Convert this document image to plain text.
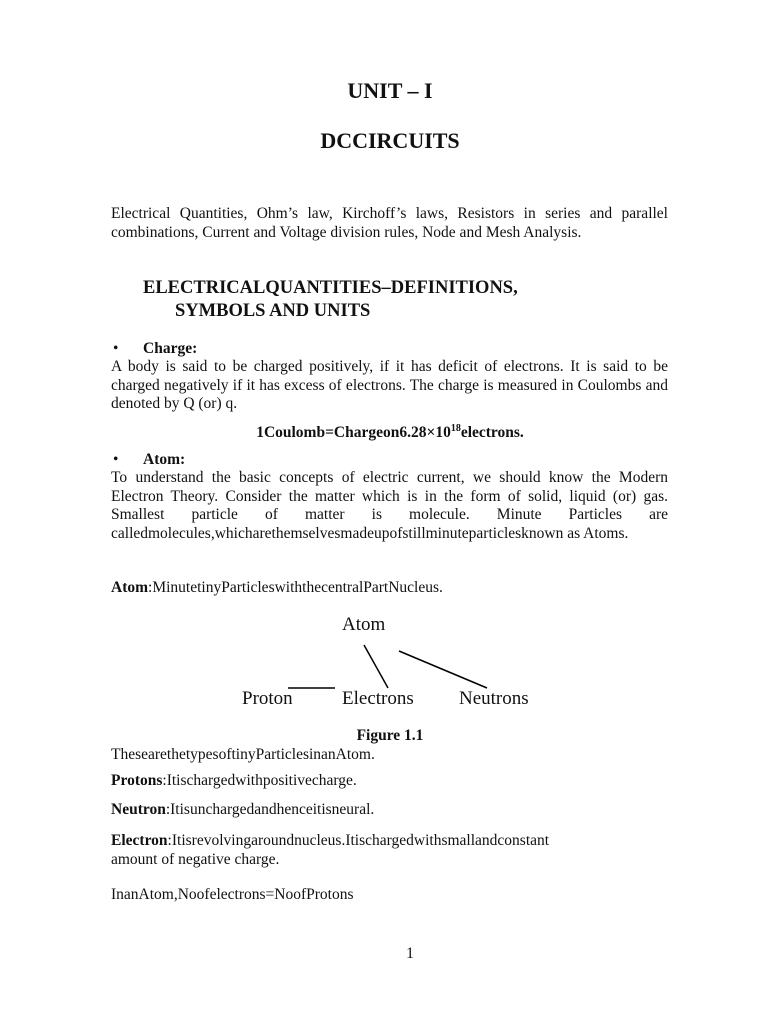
UNIT – I
DCCIRCUITS
Electrical Quantities, Ohm’s law, Kirchoff’s laws, Resistors in series and parallel combinations, Current and Voltage division rules, Node and Mesh Analysis.
ELECTRICALQUANTITIES–DEFINITIONS,
SYMBOLS AND UNITS
• Charge:
A body is said to be charged positively, if it has deficit of electrons. It is said to be charged negatively if it has excess of electrons. The charge is measured in Coulombs and denoted by Q (or) q.
$1Coulomb=Chargeon6.28\times 10^{18}electrons$.
• Atom:
To understand the basic concepts of electric current, we should know the Modern Electron Theory. Consider the matter which is in the form of solid, liquid (or) gas. Smallest particle of matter is molecule. Minute Particles are calledmolecules,whicharethemselvesmadeupofstillminuteparticlesknown as Atoms.
Atom:MinutetinyParticleswiththecentralPartNucleus.
Atom
Proton	Electrons Neutrons
Figure 1.1
ThesearethetypesoftinyParticlesinanAtom.
Protons:Itischargedwithpositivecharge.
Neutron:Itisunchargedandhenceitisneural.
Electron:Itisrevolvingaroundnucleus.Itischargedwithsmallandconstant
amount of negative charge.
InanAtom,Noofelectrons=NoofProtons
1
